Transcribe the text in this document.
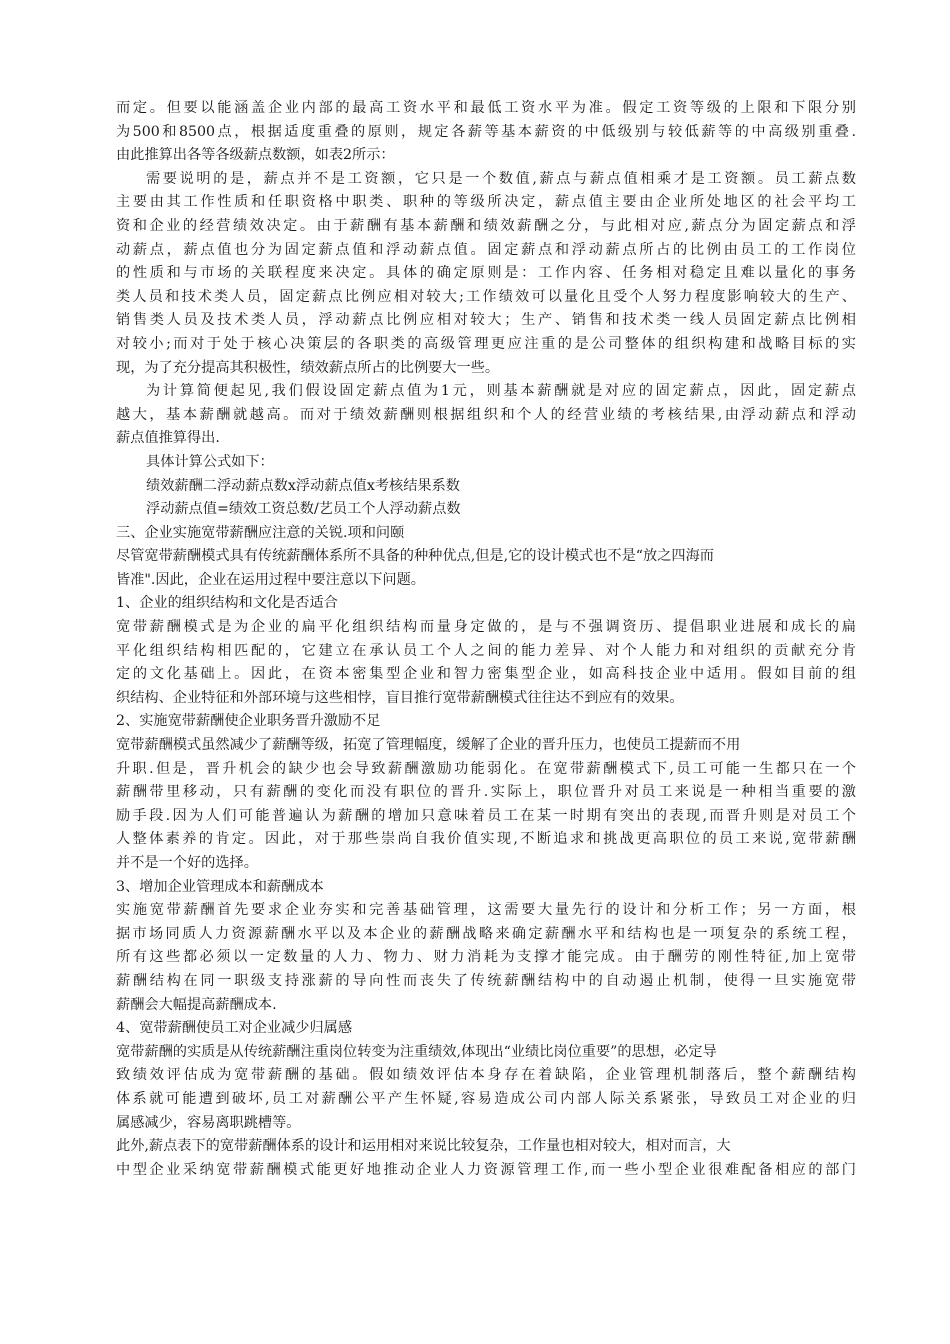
而定。但要以能涵盖企业内部的最高工资水平和最低工资水平为准。假定工资等级的上限和下限分别
为500和8500点，根据适度重叠的原则，规定各薪等基本薪资的中低级别与较低薪等的中高级别重叠.
由此推算出各等各级薪点数额，如表2所示：
需要说明的是，薪点并不是工资额，它只是一个数值,薪点与薪点值相乘才是工资额。员工薪点数
主要由其工作性质和任职资格中职类、职种的等级所决定，薪点值主要由企业所处地区的社会平均工
资和企业的经营绩效决定。由于薪酬有基本薪酬和绩效薪酬之分，与此相对应,薪点分为固定薪点和浮
动薪点，薪点值也分为固定薪点值和浮动薪点值。固定薪点和浮动薪点所占的比例由员工的工作岗位
的性质和与市场的关联程度来决定。具体的确定原则是：工作内容、任务相对稳定且难以量化的事务
类人员和技术类人员，固定薪点比例应相对较大;工作绩效可以量化且受个人努力程度影响较大的生产、
销售类人员及技术类人员，浮动薪点比例应相对较大；生产、销售和技术类一线人员固定薪点比例相
对较小;而对于处于核心决策层的各职类的高级管理更应注重的是公司整体的组织构建和战略目标的实
现，为了充分提高其积极性，绩效薪点所占的比例要大一些。
为计算简便起见,我们假设固定薪点值为1元，则基本薪酬就是对应的固定薪点，因此，固定薪点
越大，基本薪酬就越高。而对于绩效薪酬则根据组织和个人的经营业绩的考核结果,由浮动薪点和浮动
薪点值推算得出.
具体计算公式如下：
绩效薪酬二浮动薪点数x浮动薪点值x考核结果系数
浮动薪点值=绩效工资总数/艺员工个人浮动薪点数
三、企业实施宽带薪酬应注意的关锐.项和问颐
尽管宽带薪酬模式具有传统薪酬体系所不具备的种种优点,但是,它的设计模式也不是“放之四海而
皆准".因此，企业在运用过程中要注意以下问题。
1、企业的组织结构和文化是否适合
宽带薪酬模式是为企业的扁平化组织结构而量身定做的，是与不强调资历、提倡职业进展和成长的扁
平化组织结构相匹配的，它建立在承认员工个人之间的能力差异、对个人能力和对组织的贡献充分肯
定的文化基础上。因此，在资本密集型企业和智力密集型企业，如高科技企业中适用。假如目前的组
织结构、企业特征和外部环境与这些相悖，盲目推行宽带薪酬模式往往达不到应有的效果。
2、实施宽带薪酬使企业职务晋升激励不足
宽带薪酬模式虽然减少了薪酬等级，拓宽了管理幅度，缓解了企业的晋升压力，也使员工提薪而不用
升职.但是，晋升机会的缺少也会导致薪酬激励功能弱化。在宽带薪酬模式下,员工可能一生都只在一个
薪酬带里移动，只有薪酬的变化而没有职位的晋升.实际上，职位晋升对员工来说是一种相当重要的激
励手段.因为人们可能普遍认为薪酬的增加只意味着员工在某一时期有突出的表现,而晋升则是对员工个
人整体素养的肯定。因此，对于那些崇尚自我价值实现,不断追求和挑战更高职位的员工来说,宽带薪酬
并不是一个好的选择。
3、增加企业管理成本和薪酬成本
实施宽带薪酬首先要求企业夯实和完善基础管理，这需要大量先行的设计和分析工作；另一方面，根
据市场同质人力资源薪酬水平以及本企业的薪酬战略来确定薪酬水平和结构也是一项复杂的系统工程，
所有这些都必须以一定数量的人力、物力、财力消耗为支撑才能完成。由于酬劳的刚性特征,加上宽带
薪酬结构在同一职级支持涨薪的导向性而丧失了传统薪酬结构中的自动遏止机制，使得一旦实施宽带
薪酬会大幅提高薪酬成本.
4、宽带薪酬使员工对企业减少归属感
宽带薪酬的实质是从传统薪酬注重岗位转变为注重绩效,体现出“业绩比岗位重要”的思想，必定导
致绩效评估成为宽带薪酬的基础。假如绩效评估本身存在着缺陷，企业管理机制落后，整个薪酬结构
体系就可能遭到破坏,员工对薪酬公平产生怀疑,容易造成公司内部人际关系紧张，导致员工对企业的归
属感减少，容易离职跳槽等。
此外,薪点表下的宽带薪酬体系的设计和运用相对来说比较复杂，工作量也相对较大，相对而言，大
中型企业采纳宽带薪酬模式能更好地推动企业人力资源管理工作,而一些小型企业很难配备相应的部门
